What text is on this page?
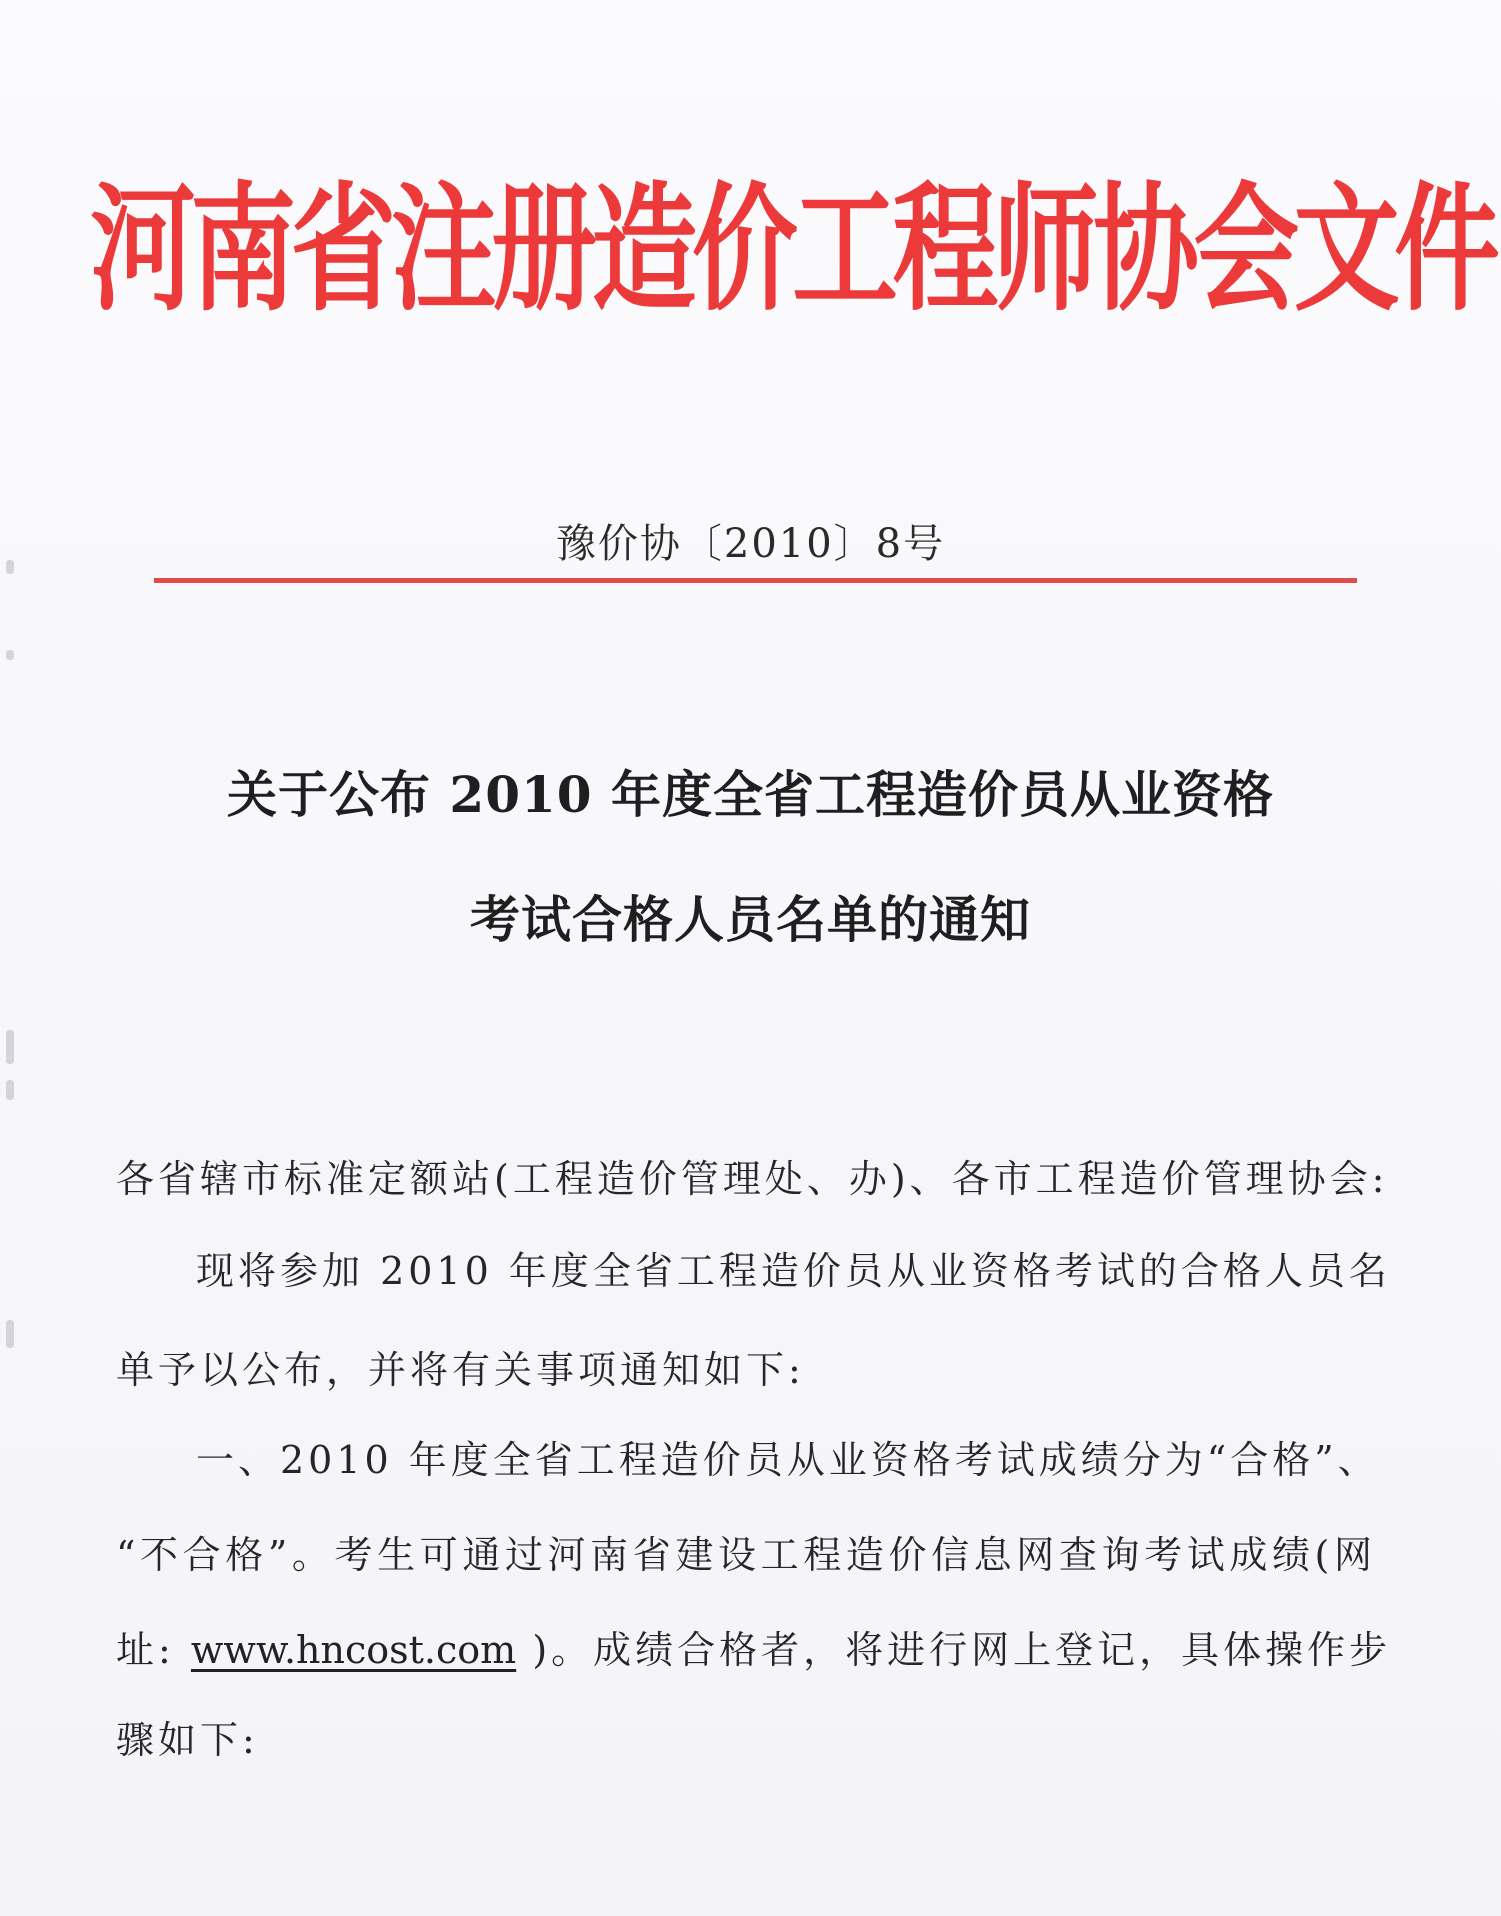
河南省注册造价工程师协会文件
豫价协〔2010〕8号
关于公布 2010 年度全省工程造价员从业资格
考试合格人员名单的通知
各省辖市标准定额站(工程造价管理处、办)、各市工程造价管理协会:
现将参加 2010 年度全省工程造价员从业资格考试的合格人员名
单予以公布，并将有关事项通知如下:
一、2010 年度全省工程造价员从业资格考试成绩分为“合格”、
“不合格”。考生可通过河南省建设工程造价信息网查询考试成绩(网
址: www.hncost.com )。成绩合格者，将进行网上登记，具体操作步
骤如下:
